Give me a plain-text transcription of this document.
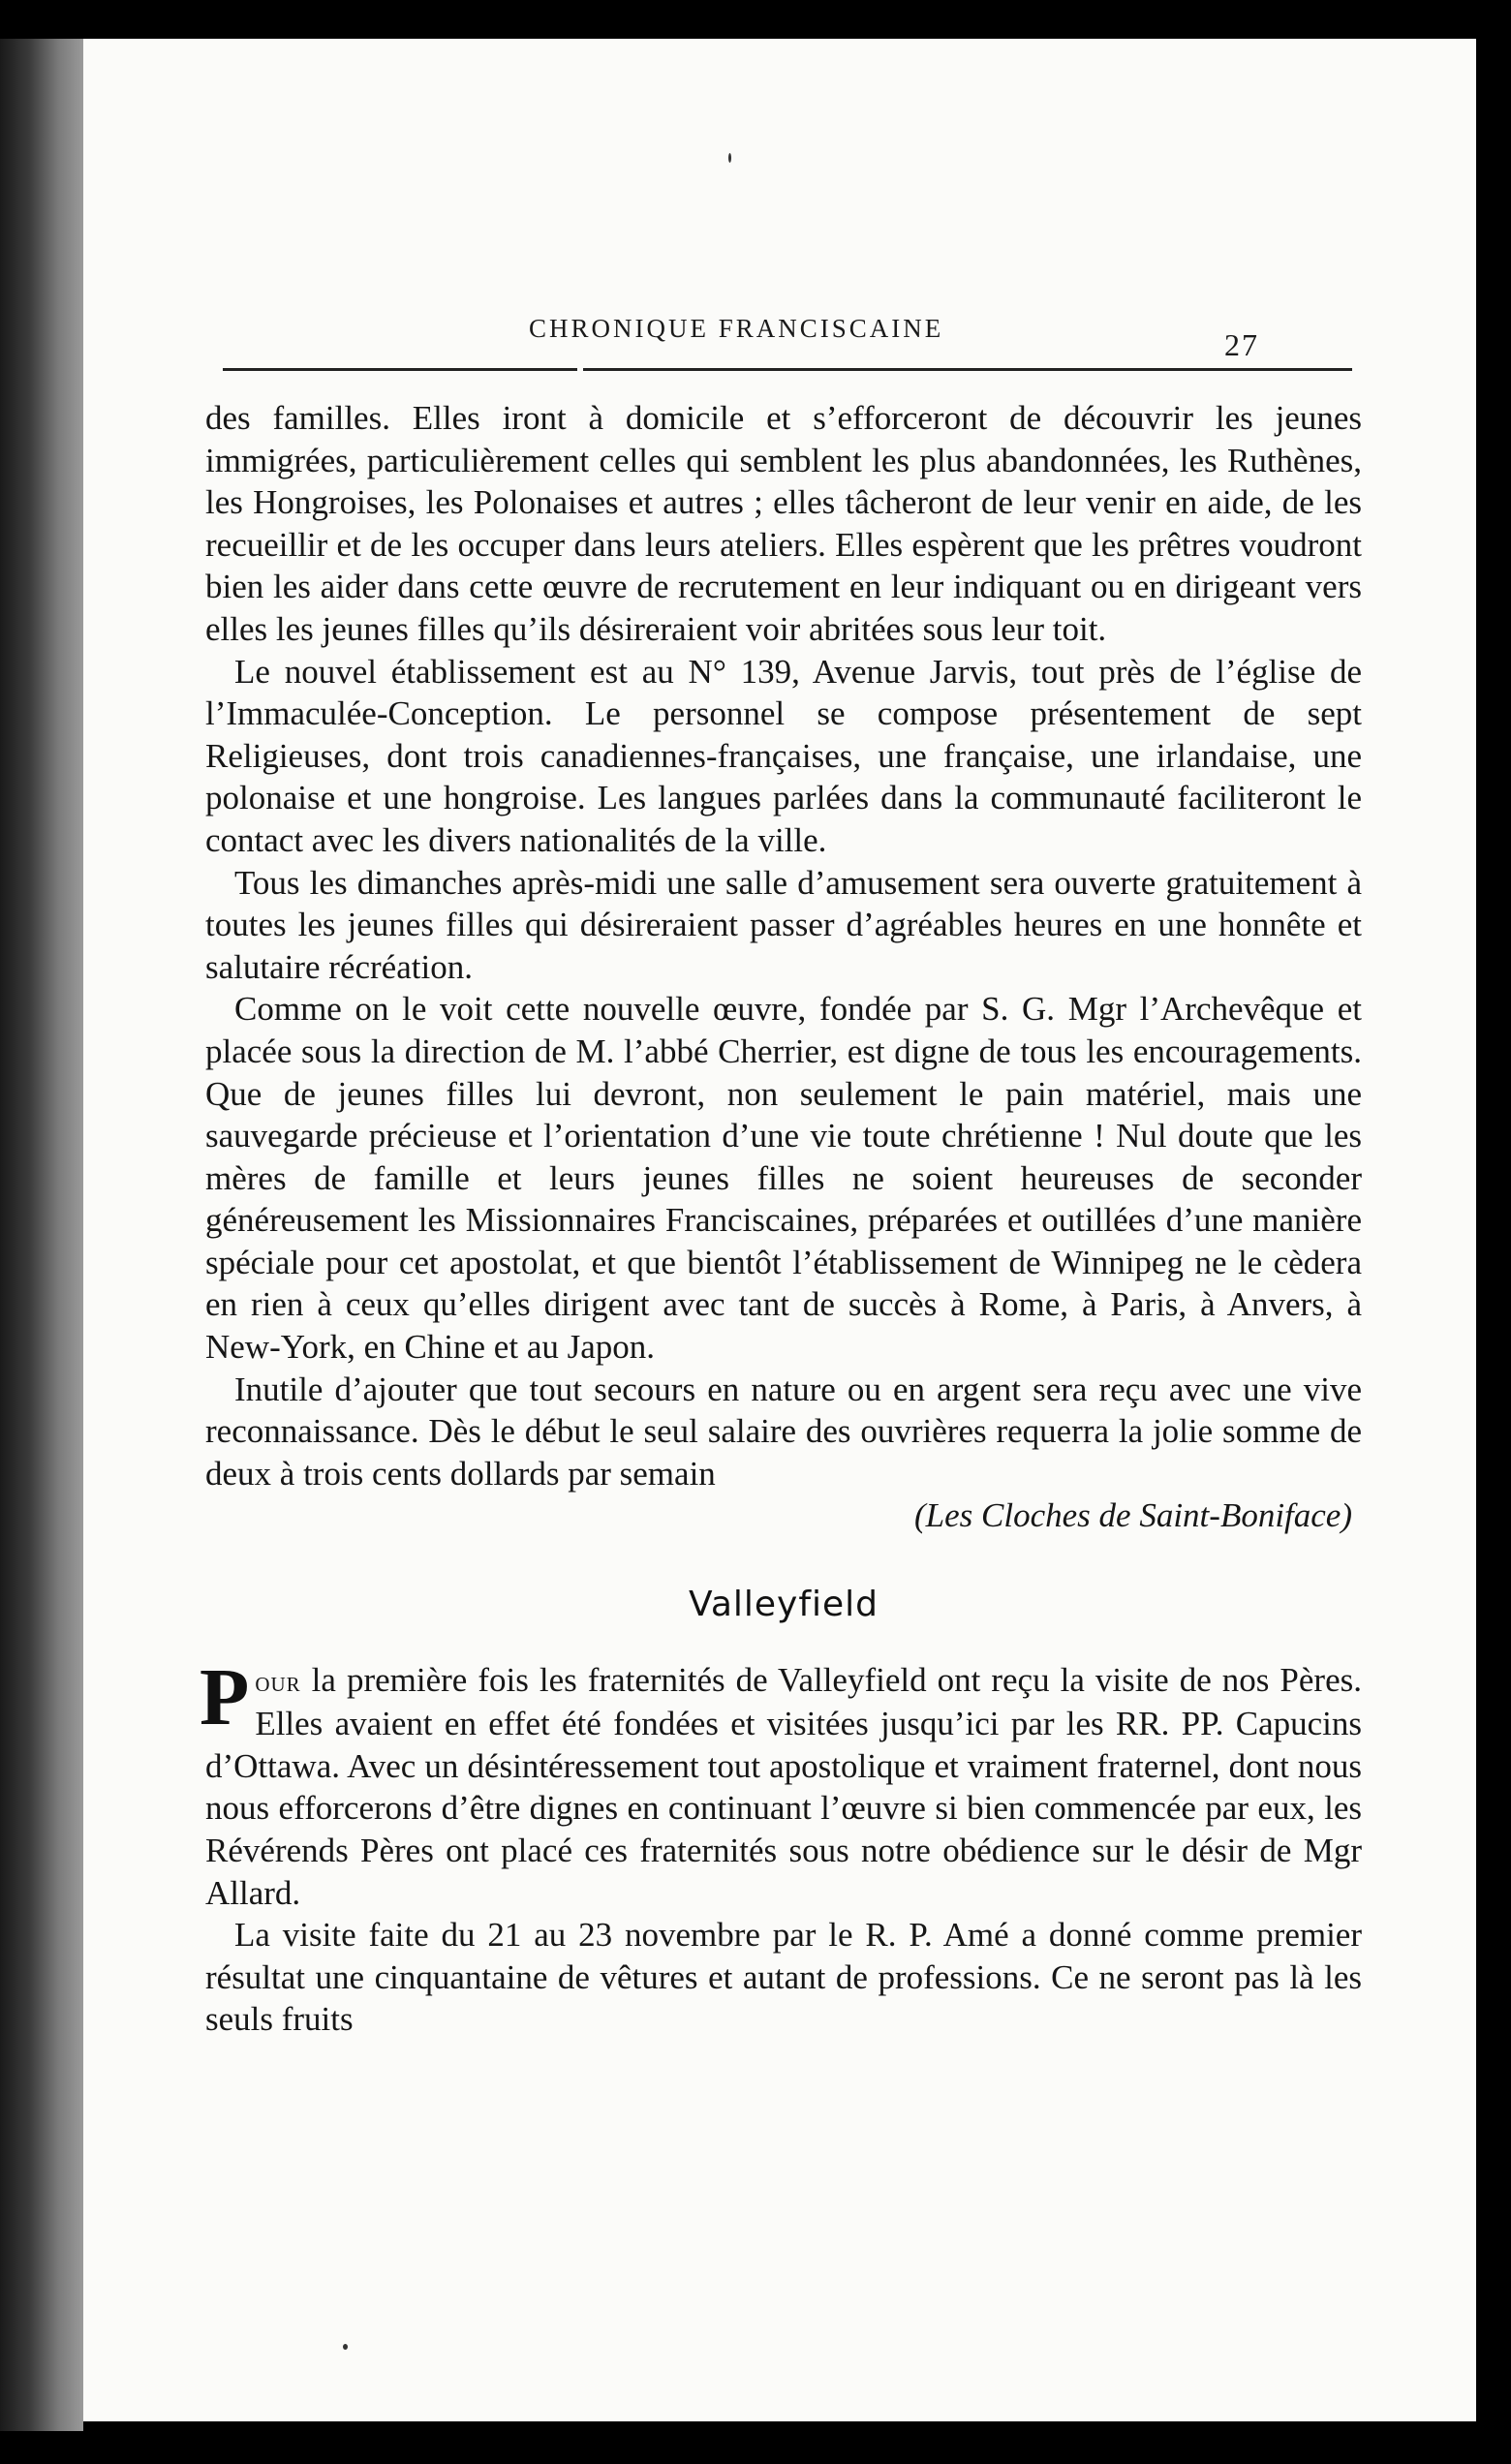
CHRONIQUE FRANCISCAINE	27

des familles. Elles iront à domicile et s’efforceront de découvrir les jeunes immigrées, particulièrement celles qui semblent les plus abandonnées, les Ruthènes, les Hongroises, les Polonaises et autres ; elles tâcheront de leur venir en aide, de les recueillir et de les occuper dans leurs ateliers. Elles espèrent que les prêtres voudront bien les aider dans cette œuvre de recrutement en leur indiquant ou en dirigeant vers elles les jeunes filles qu’ils désireraient voir abritées sous leur toit.

Le nouvel établissement est au N° 139, Avenue Jarvis, tout près de l’église de l’Immaculée-Conception. Le personnel se compose présentement de sept Religieuses, dont trois canadiennes-françaises, une française, une irlandaise, une polonaise et une hongroise. Les langues parlées dans la communauté faciliteront le contact avec les divers nationalités de la ville.

Tous les dimanches après-midi une salle d’amusement sera ouverte gratuitement à toutes les jeunes filles qui désireraient passer d’agréables heures en une honnête et salutaire récréation.

Comme on le voit cette nouvelle œuvre, fondée par S. G. Mgr l’Archevêque et placée sous la direction de M. l’abbé Cherrier, est digne de tous les encouragements. Que de jeunes filles lui devront, non seulement le pain matériel, mais une sauvegarde précieuse et l’orientation d’une vie toute chrétienne ! Nul doute que les mères de famille et leurs jeunes filles ne soient heureuses de seconder généreusement les Missionnaires Franciscaines, préparées et outillées d’une manière spéciale pour cet apostolat, et que bientôt l’établissement de Winnipeg ne le cèdera en rien à ceux qu’elles dirigent avec tant de succès à Rome, à Paris, à Anvers, à New-York, en Chine et au Japon.

Inutile d’ajouter que tout secours en nature ou en argent sera reçu avec une vive reconnaissance. Dès le début le seul salaire des ouvrières requerra la jolie somme de deux à trois cents dollards par semain

(Les Cloches de Saint-Boniface)

Valleyfield

Pour la première fois les fraternités de Valleyfield ont reçu la visite de nos Pères. Elles avaient en effet été fondées et visitées jusqu’ici par les RR. PP. Capucins d’Ottawa. Avec un désintéressement tout apostolique et vraiment fraternel, dont nous nous efforcerons d’être dignes en continuant l’œuvre si bien commencée par eux, les Révérends Pères ont placé ces fraternités sous notre obédience sur le désir de Mgr Allard.

La visite faite du 21 au 23 novembre par le R. P. Amé a donné comme premier résultat une cinquantaine de vêtures et autant de professions. Ce ne seront pas là les seuls fruits
